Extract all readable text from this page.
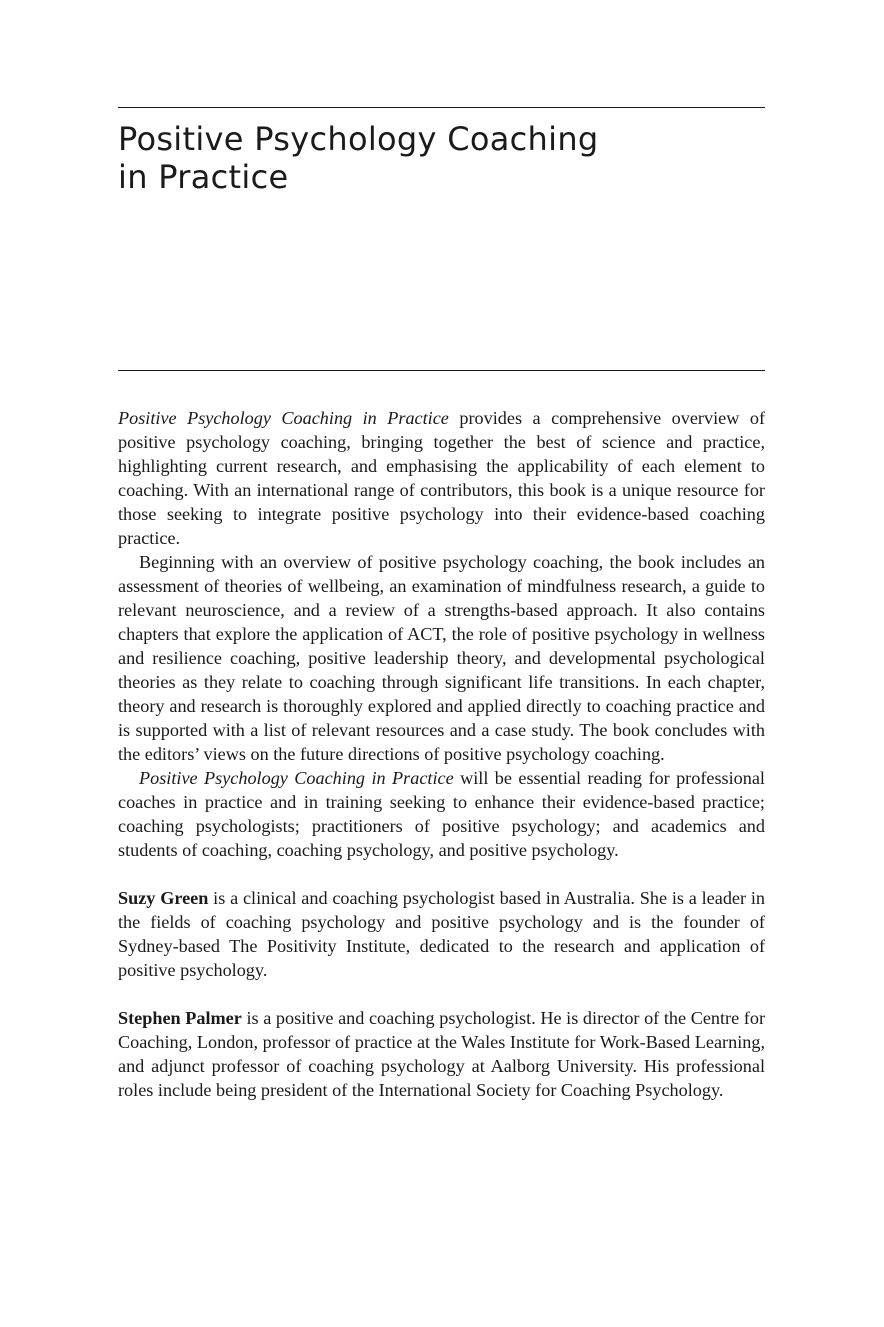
Positive Psychology Coaching
in Practice

Positive Psychology Coaching in Practice provides a comprehensive overview of positive psychology coaching, bringing together the best of science and practice, highlighting current research, and emphasising the applicability of each element to coaching. With an international range of contributors, this book is a unique resource for those seeking to integrate positive psychology into their evidence-based coaching practice.

Beginning with an overview of positive psychology coaching, the book includes an assessment of theories of wellbeing, an examination of mindfulness research, a guide to relevant neuroscience, and a review of a strengths-based approach. It also contains chapters that explore the application of ACT, the role of positive psychology in wellness and resilience coaching, positive leadership theory, and developmental psychological theories as they relate to coaching through significant life transitions. In each chapter, theory and research is thoroughly explored and applied directly to coaching practice and is supported with a list of relevant resources and a case study. The book concludes with the editors’ views on the future directions of positive psychology coaching.

Positive Psychology Coaching in Practice will be essential reading for professional coaches in practice and in training seeking to enhance their evidence-based practice; coaching psychologists; practitioners of positive psychology; and academics and students of coaching, coaching psychology, and positive psychology.

Suzy Green is a clinical and coaching psychologist based in Australia. She is a leader in the fields of coaching psychology and positive psychology and is the founder of Sydney-based The Positivity Institute, dedicated to the research and application of positive psychology.

Stephen Palmer is a positive and coaching psychologist. He is director of the Centre for Coaching, London, professor of practice at the Wales Institute for Work-Based Learning, and adjunct professor of coaching psychology at Aalborg University. His professional roles include being president of the International Society for Coaching Psychology.
